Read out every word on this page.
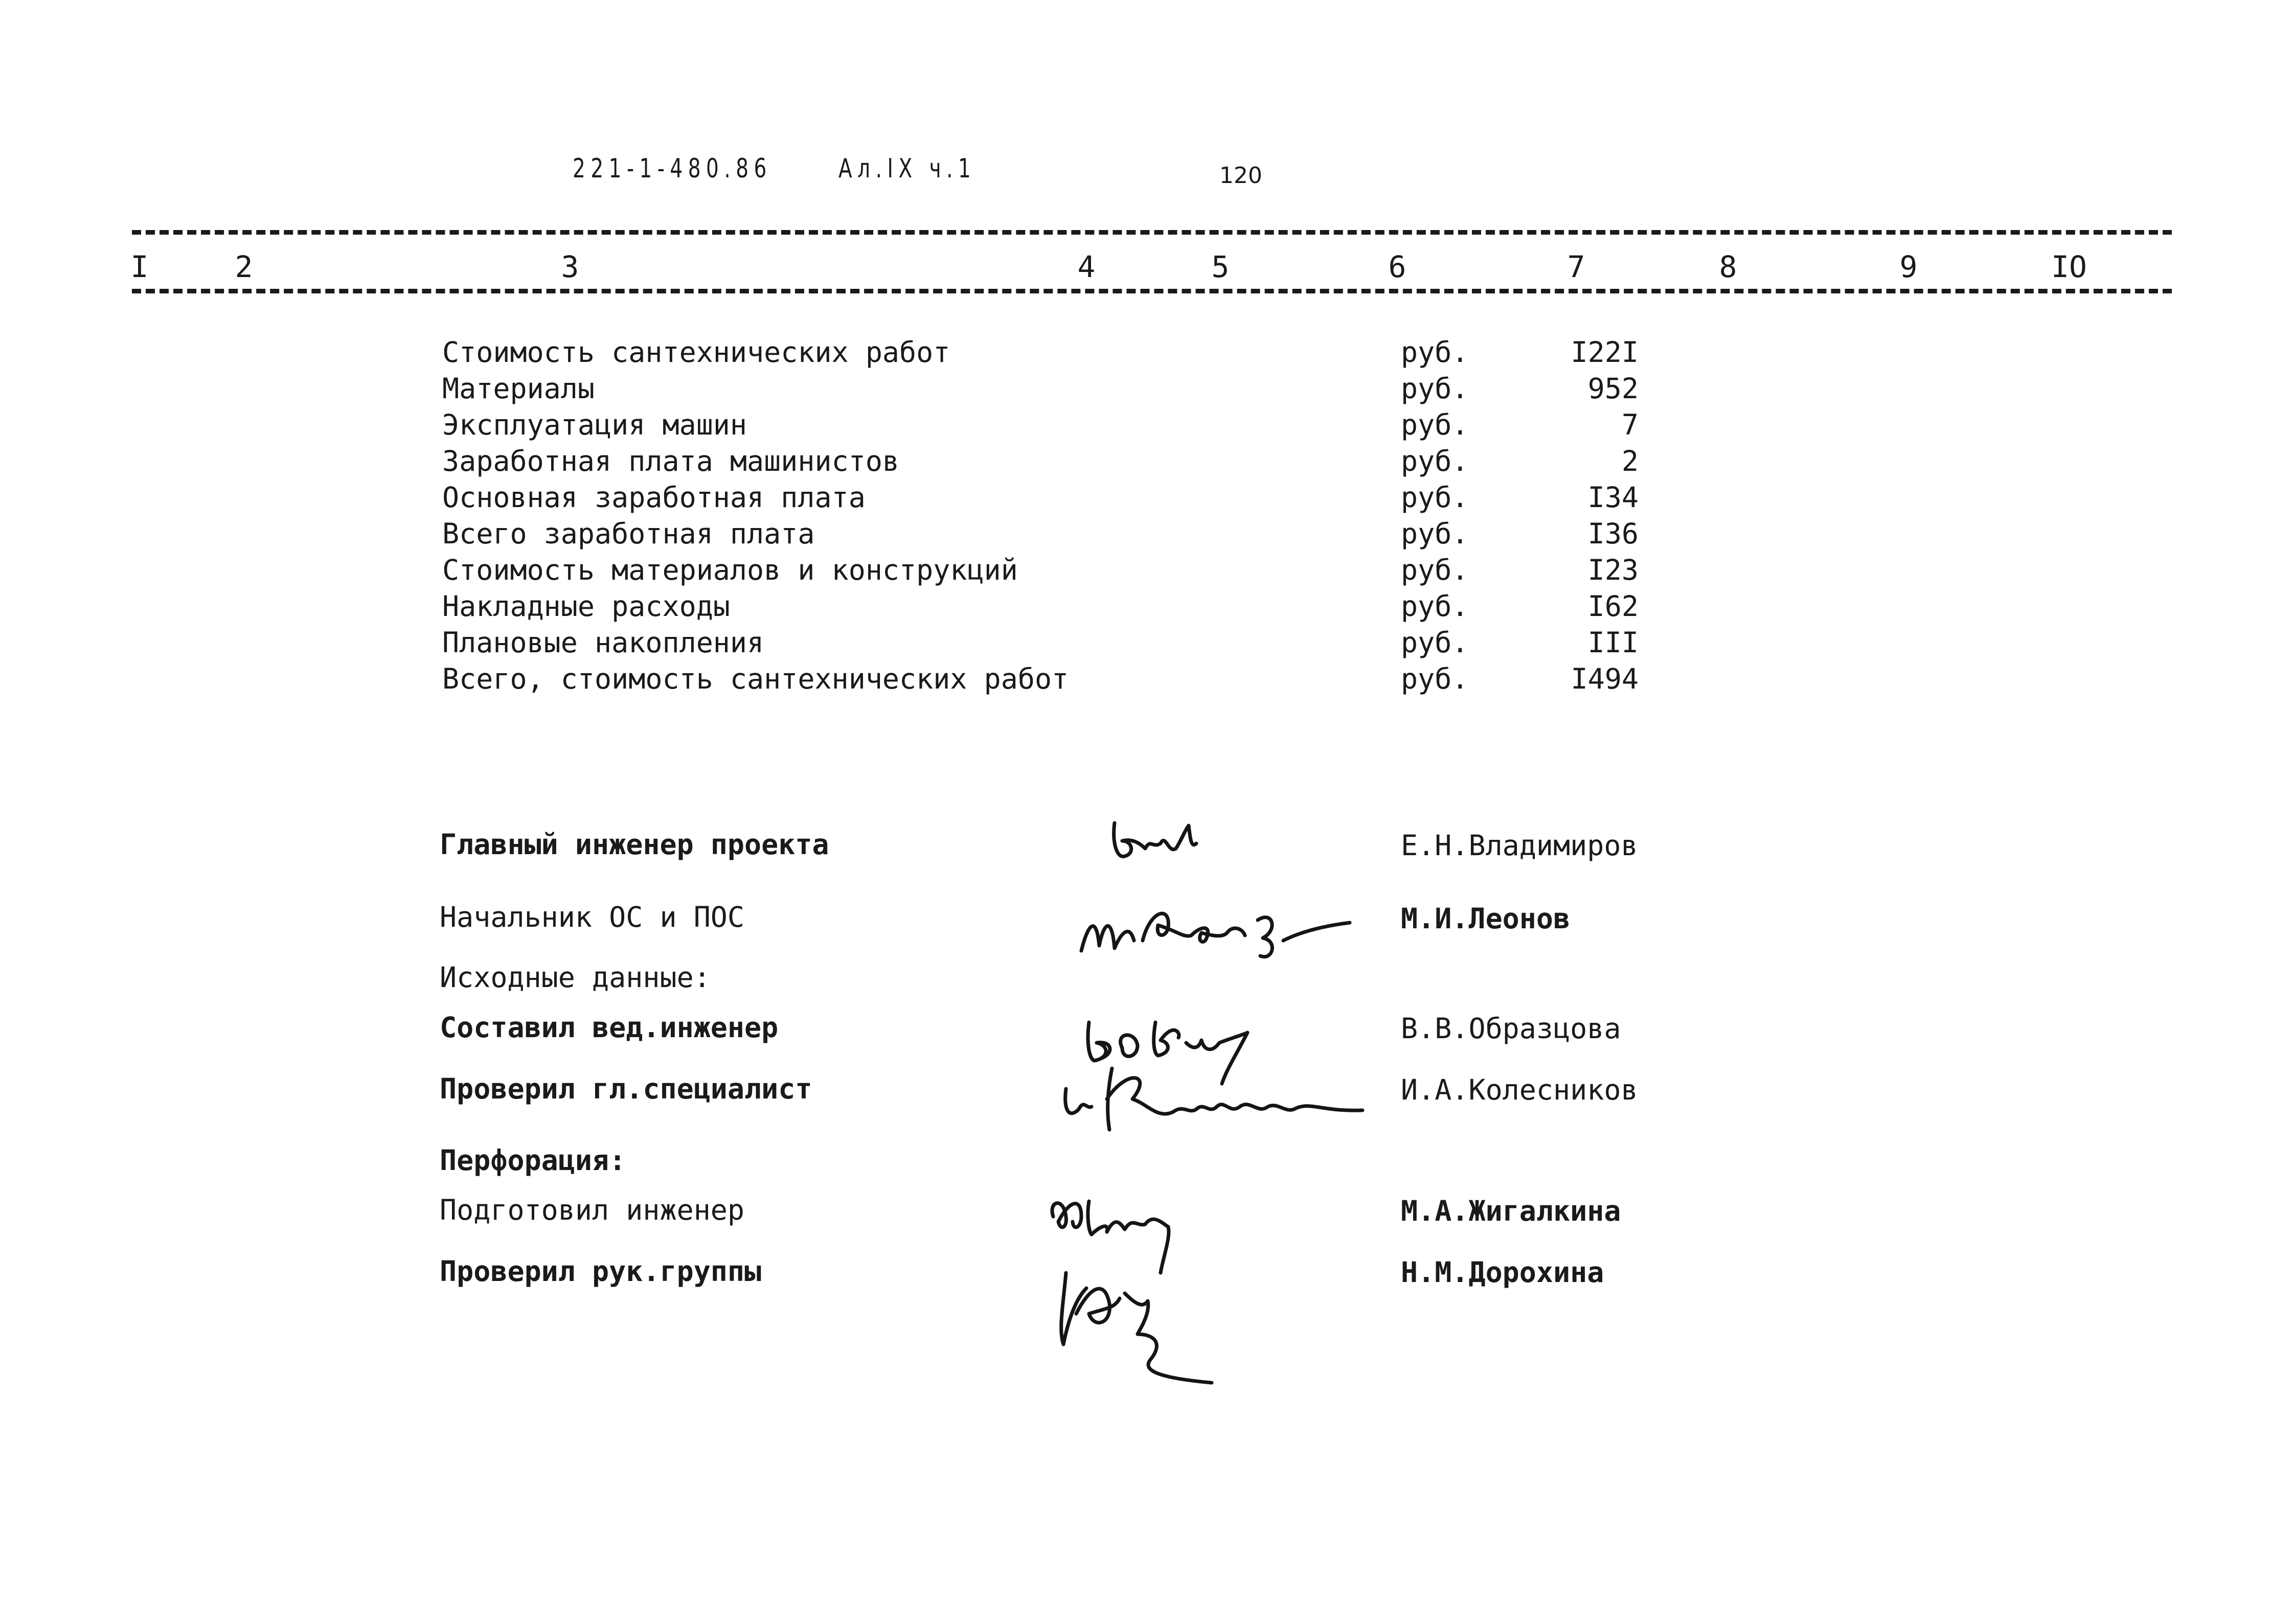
221-1-480.86	Ал.IX ч.1	120
I	2	3	4	5	6	7	8	9	IO
Стоимость сантехнических работ	руб.	I22I
Материалы	руб.	952
Эксплуатация машин	руб.	7
Заработная плата машинистов	руб.	2
Основная заработная плата	руб.	I34
Всего заработная плата	руб.	I36
Стоимость материалов и конструкций	руб.	I23
Накладные расходы	руб.	I62
Плановые накопления	руб.	III
Всего, стоимость сантехнических работ	руб.	I494
Главный инженер проекта	Е.Н.Владимиров
Начальник ОС и ПОС	М.И.Леонов
Исходные данные:
Составил вед.инженер	В.В.Образцова
Проверил гл.специалист	И.А.Колесников
Перфорация:
Подготовил инженер	М.А.Жигалкина
Проверил рук.группы	Н.М.Дорохина
